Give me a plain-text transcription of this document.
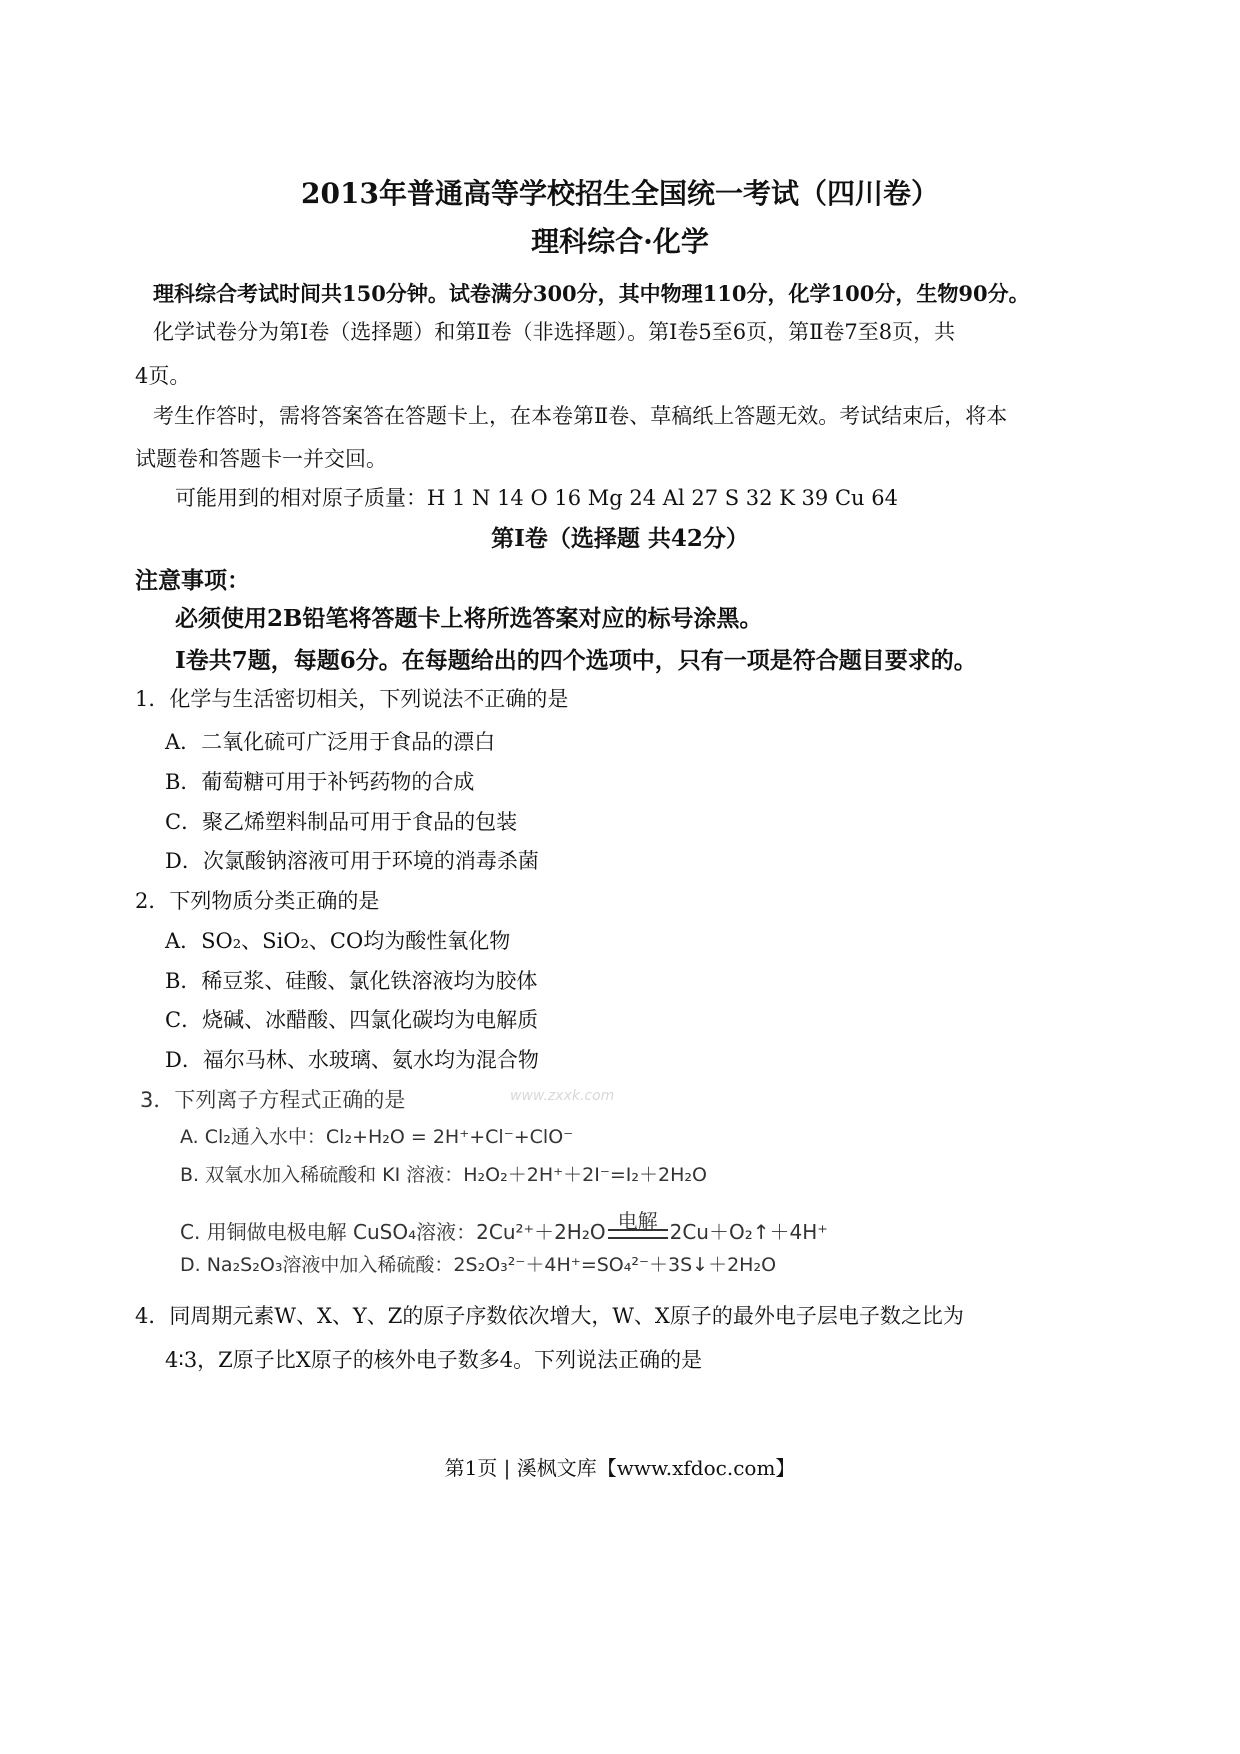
2013年普通高等学校招生全国统一考试（四川卷）
理科综合·化学
理科综合考试时间共150分钟。试卷满分300分，其中物理110分，化学100分，生物90分。
化学试卷分为第Ⅰ卷（选择题）和第Ⅱ卷（非选择题）。第Ⅰ卷5至6页，第Ⅱ卷7至8页，共
4页。
考生作答时，需将答案答在答题卡上，在本卷第Ⅱ卷、草稿纸上答题无效。考试结束后，将本
试题卷和答题卡一并交回。
可能用到的相对原子质量：H 1 N 14 O 16 Mg 24 Al 27 S 32 K 39 Cu 64
第Ⅰ卷（选择题 共42分）
注意事项：
必须使用2B铅笔将答题卡上将所选答案对应的标号涂黑。
Ⅰ卷共7题，每题6分。在每题给出的四个选项中，只有一项是符合题目要求的。
1．化学与生活密切相关，下列说法不正确的是
A．二氧化硫可广泛用于食品的漂白
B．葡萄糖可用于补钙药物的合成
C．聚乙烯塑料制品可用于食品的包装
D．次氯酸钠溶液可用于环境的消毒杀菌
2．下列物质分类正确的是
A．SO₂、SiO₂、CO均为酸性氧化物
B．稀豆浆、硅酸、氯化铁溶液均为胶体
C．烧碱、冰醋酸、四氯化碳均为电解质
D．福尔马林、水玻璃、氨水均为混合物
www.zxxk.com
3．下列离子方程式正确的是
A. Cl₂通入水中：Cl₂+H₂O = 2H⁺+Cl⁻+ClO⁻
B. 双氧水加入稀硫酸和 KI 溶液：H₂O₂＋2H⁺＋2I⁻=I₂＋2H₂O
C. 用铜做电极电解 CuSO₄溶液：2Cu²⁺＋2H₂O 电解 2Cu＋O₂↑＋4H⁺
D. Na₂S₂O₃溶液中加入稀硫酸：2S₂O₃²⁻＋4H⁺=SO₄²⁻＋3S↓＋2H₂O
4．同周期元素W、X、Y、Z的原子序数依次增大，W、X原子的最外电子层电子数之比为
4∶3，Z原子比X原子的核外电子数多4。下列说法正确的是
第1页 | 溪枫文库【www.xfdoc.com】
